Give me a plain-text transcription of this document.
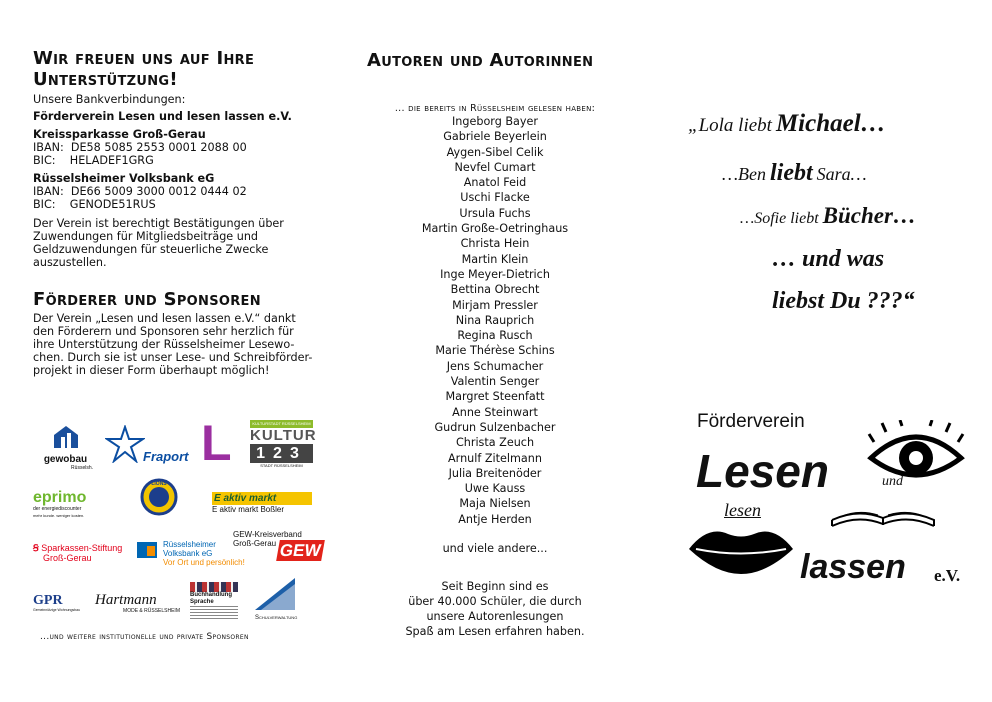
Wir freuen uns auf Ihre
Unterstützung!
Unsere Bankverbindungen:
Förderverein Lesen und lesen lassen e.V.
Kreissparkasse Groß-Gerau
IBAN:  DE58 5085 2553 0001 2088 00
BIC:    HELADEF1GRG
Rüsselsheimer Volksbank eG
IBAN:  DE66 5009 3000 0012 0444 02
BIC:    GENODE51RUS
Der Verein ist berechtigt Bestätigungen über
Zuwendungen für Mitgliedsbeiträge und
Geldzuwendungen für steuerliche Zwecke
auszustellen.
Förderer und Sponsoren
Der Verein „Lesen und lesen lassen e.V.“ dankt
den Förderern und Sponsoren sehr herzlich für
ihre Unterstützung der Rüsselsheimer Lesewo-
chen. Durch sie ist unser Lese- und Schreibförder-
projekt in dieser Form überhaupt möglich!
gewobau
Rüsselsh.
Fraport L	KULTURSTADT RÜSSELSHEIM
KULTUR
123
STADT RÜSSELSHEIM
eprimo
der energiediscounter
mehr kunde. weniger kosten.
LIONS
E aktiv markt
E aktiv markt Boßler
GEW-Kreisverband
Groß-Gerau GEW
Ꞩ Sparkassen-Stiftung
Groß-Gerau
Rüsselsheimer
Volksbank eG
Vor Ort und persönlich!
GPR
Gemeinnützige Wohnungsbau
Hartmann
MODE & RÜSSELSHEIM
Buchhandlung Sprache
Schulverwaltung
...und weitere institutionelle und private Sponsoren
Autoren und Autorinnen
... die bereits in Rüsselsheim gelesen haben:
Ingeborg Bayer
Gabriele Beyerlein
Aygen-Sibel Celik
Nevfel Cumart
Anatol Feid
Uschi Flacke
Ursula Fuchs
Martin Große-Oetringhaus
Christa Hein
Martin Klein
Inge Meyer-Dietrich
Bettina Obrecht
Mirjam Pressler
Nina Rauprich
Regina Rusch
Marie Thérèse Schins
Jens Schumacher
Valentin Senger
Margret Steenfatt
Anne Steinwart
Gudrun Sulzenbacher
Christa Zeuch
Arnulf Zitelmann
Julia Breitenöder
Uwe Kauss
Maja Nielsen
Antje Herden
und viele andere...
Seit Beginn sind es
über 40.000 Schüler, die durch
unsere Autorenlesungen
Spaß am Lesen erfahren haben.
„Lola liebt Michael…
…Ben liebt Sara…
…Sofie liebt Bücher…
… und was
liebst Du ???“
Förderverein
Lesen	und
lesen
lassen e.V.
